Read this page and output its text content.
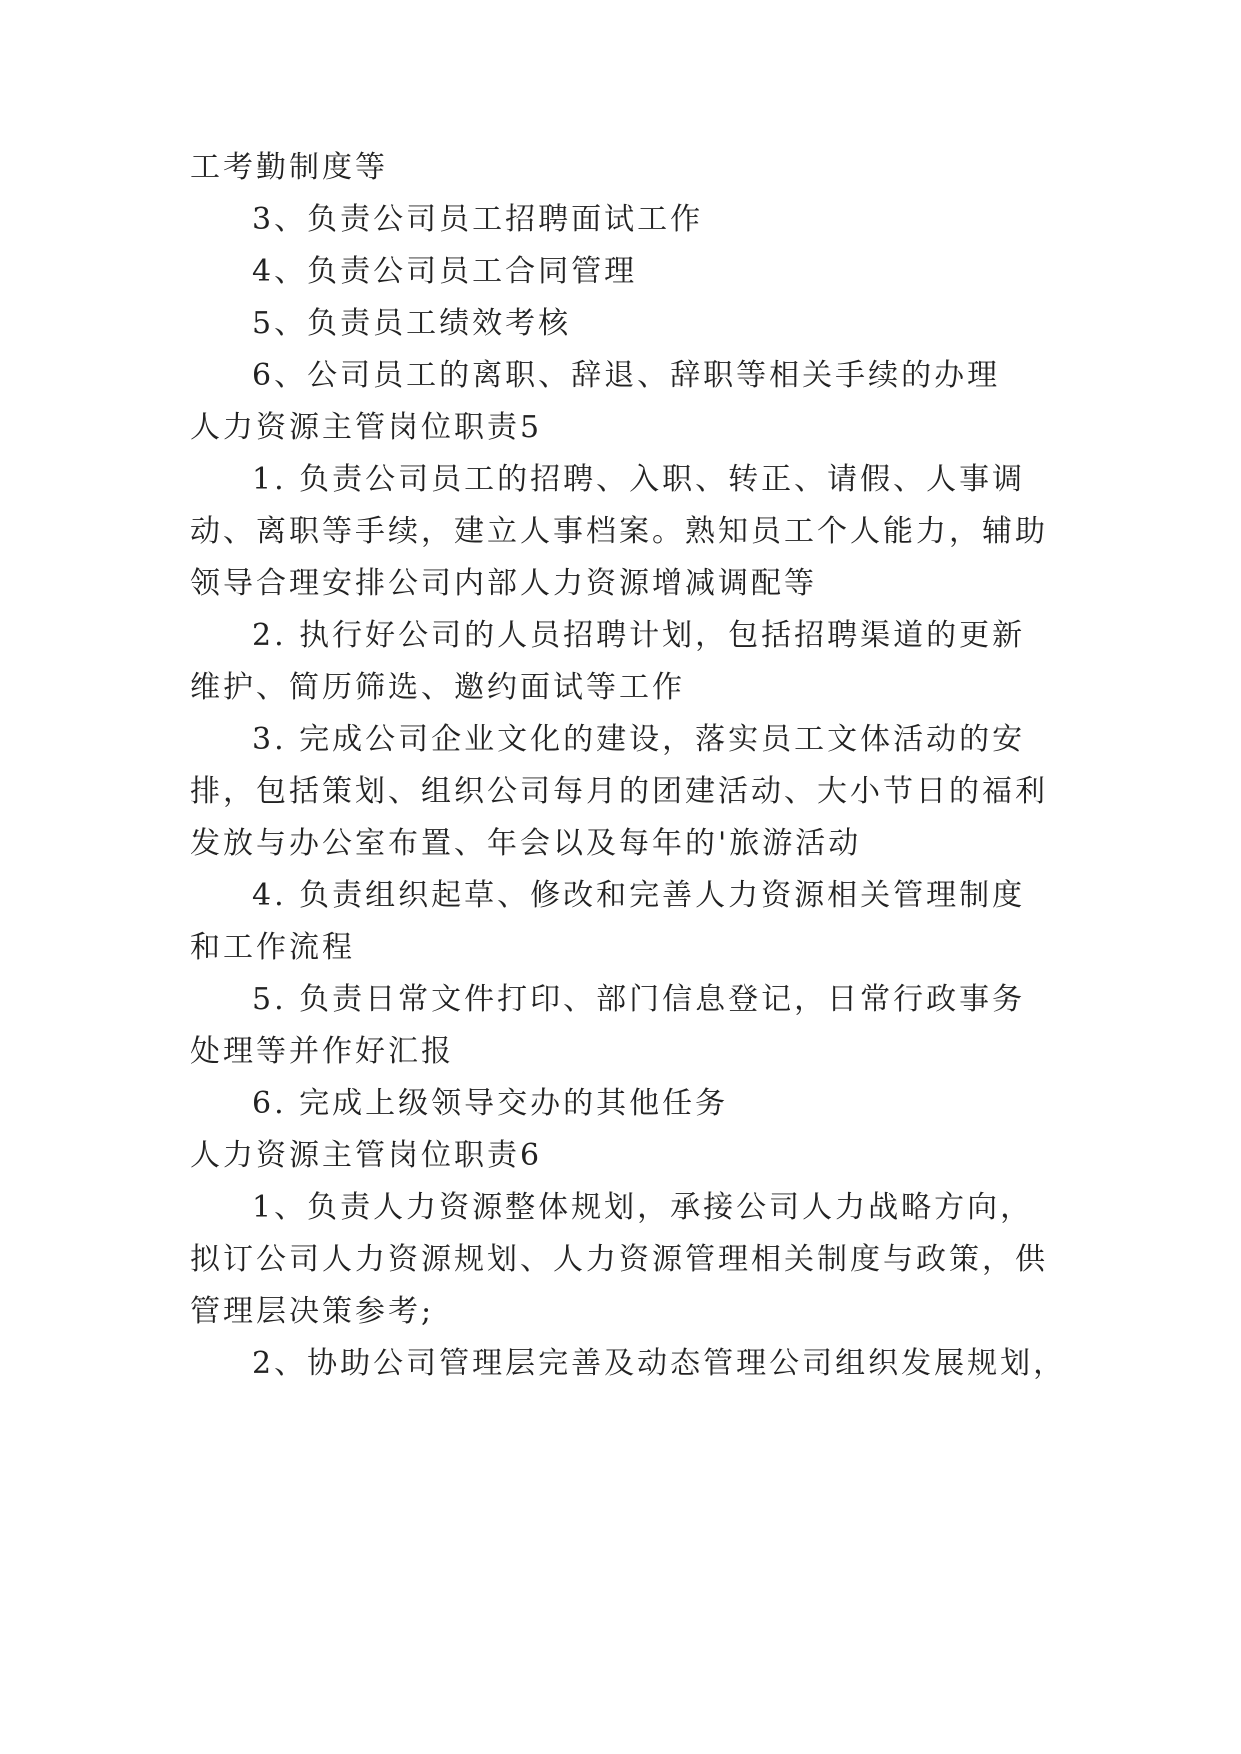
工考勤制度等
3、负责公司员工招聘面试工作
4、负责公司员工合同管理
5、负责员工绩效考核
6、公司员工的离职、辞退、辞职等相关手续的办理
人力资源主管岗位职责5
1. 负责公司员工的招聘、入职、转正、请假、人事调
动、离职等手续，建立人事档案。熟知员工个人能力，辅助
领导合理安排公司内部人力资源增减调配等
2. 执行好公司的人员招聘计划，包括招聘渠道的更新
维护、简历筛选、邀约面试等工作
3. 完成公司企业文化的建设，落实员工文体活动的安
排，包括策划、组织公司每月的团建活动、大小节日的福利
发放与办公室布置、年会以及每年的'旅游活动
4. 负责组织起草、修改和完善人力资源相关管理制度
和工作流程
5. 负责日常文件打印、部门信息登记，日常行政事务
处理等并作好汇报
6. 完成上级领导交办的其他任务
人力资源主管岗位职责6
1、负责人力资源整体规划，承接公司人力战略方向，
拟订公司人力资源规划、人力资源管理相关制度与政策，供
管理层决策参考;
2、协助公司管理层完善及动态管理公司组织发展规划，
